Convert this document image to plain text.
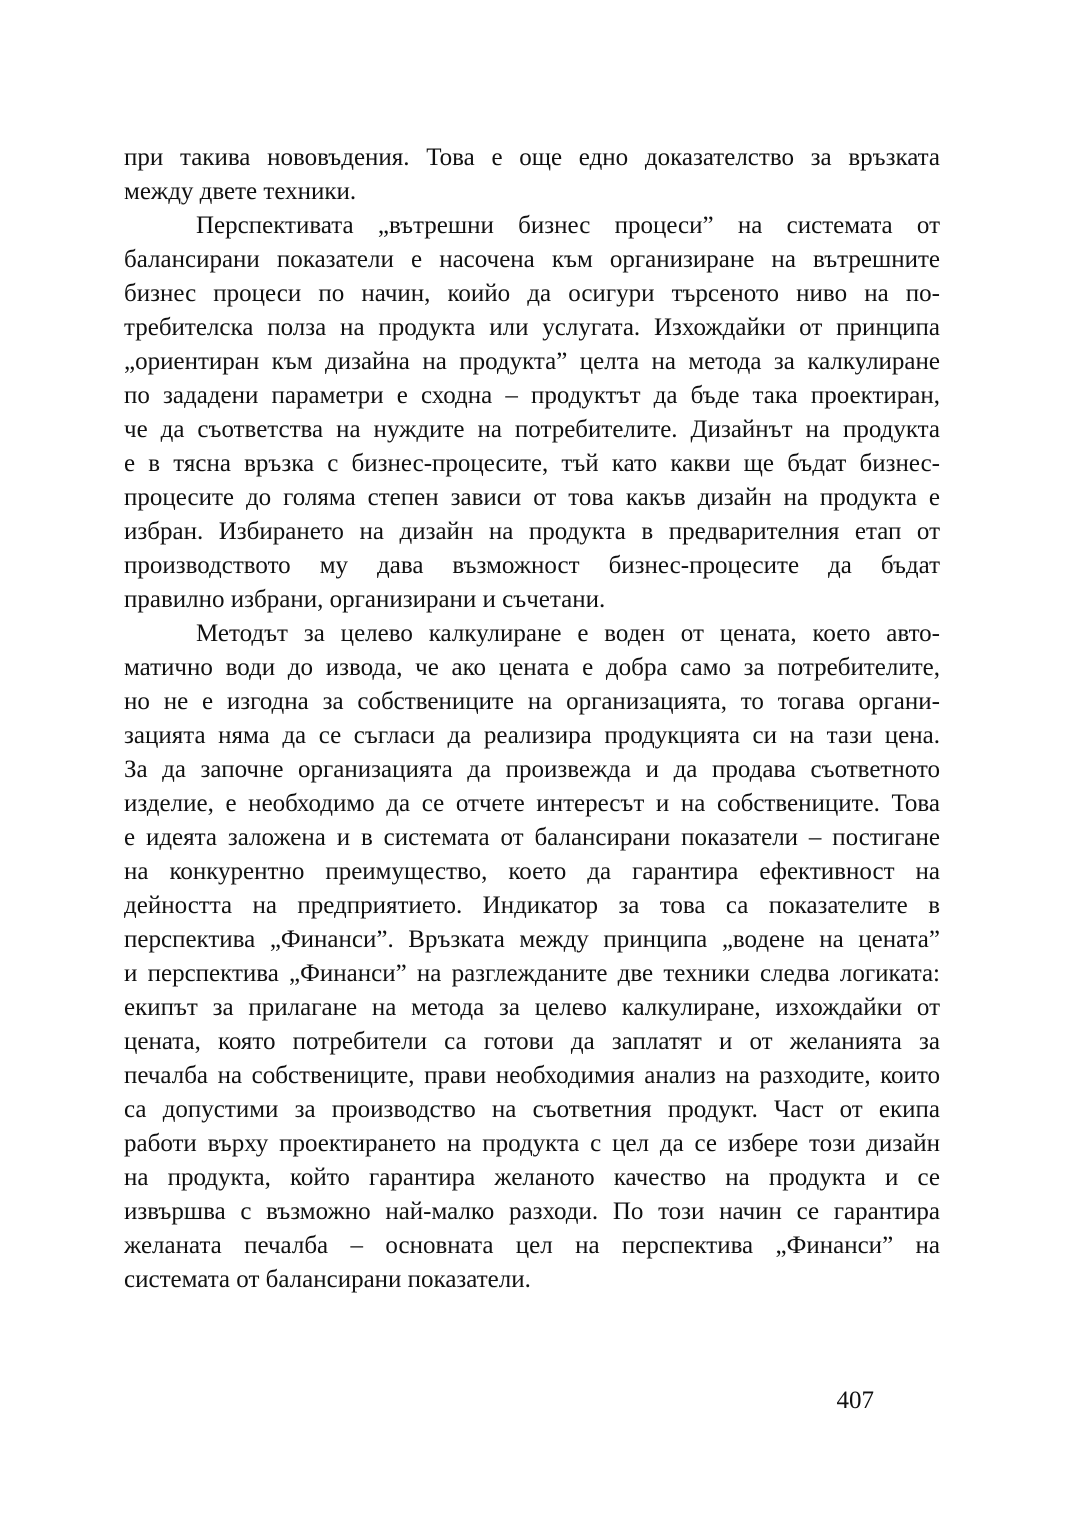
при такива нововъдения. Това е още едно доказателство за връзката
между двете техники.
Перспективата „вътрешни бизнес процеси” на системата от
балансирани показатели е насочена към организиране на вътрешните
бизнес процеси по начин, коийо да осигури търсеното ниво на по-
требителска полза на продукта или услугата. Изхождайки от принципа
„ориентиран към дизайна на продукта” целта на метода за калкулиране
по зададени параметри е сходна – продуктът да бъде така проектиран,
че да съответства на нуждите на потребителите. Дизайнът на продукта
е в тясна връзка с бизнес-процесите, тъй като какви ще бъдат бизнес-
процесите до голяма степен зависи от това какъв дизайн на продукта е
избран. Избирането на дизайн на продукта в предварителния етап от
производството му дава възможност бизнес-процесите да бъдат
правилно избрани, организирани и съчетани.
Методът за целево калкулиране е воден от цената, което авто-
матично води до извода, че ако цената е добра само за потребителите,
но не е изгодна за собствениците на организацията, то тогава органи-
зацията няма да се съгласи да реализира продукцията си на тази цена.
За да започне организацията да произвежда и да продава съответното
изделие, е необходимо да се отчете интересът и на собствениците. Това
е идеята заложена и в системата от балансирани показатели – постигане
на конкурентно преимущество, което да гарантира ефективност на
дейността на предприятието. Индикатор за това са показателите в
перспектива „Финанси”. Връзката между принципа „водене на цената”
и перспектива „Финанси” на разглежданите две техники следва логиката:
екипът за прилагане на метода за целево калкулиране, изхождайки от
цената, която потребители са готови да заплатят и от желанията за
печалба на собствениците, прави необходимия анализ на разходите, които
са допустими за производство на съответния продукт. Част от екипа
работи върху проектирането на продукта с цел да се избере този дизайн
на продукта, който гарантира желаното качество на продукта и се
извършва с възможно най-малко разходи. По този начин се гарантира
желаната печалба – основната цел на перспектива „Финанси” на
системата от балансирани показатели.
407
